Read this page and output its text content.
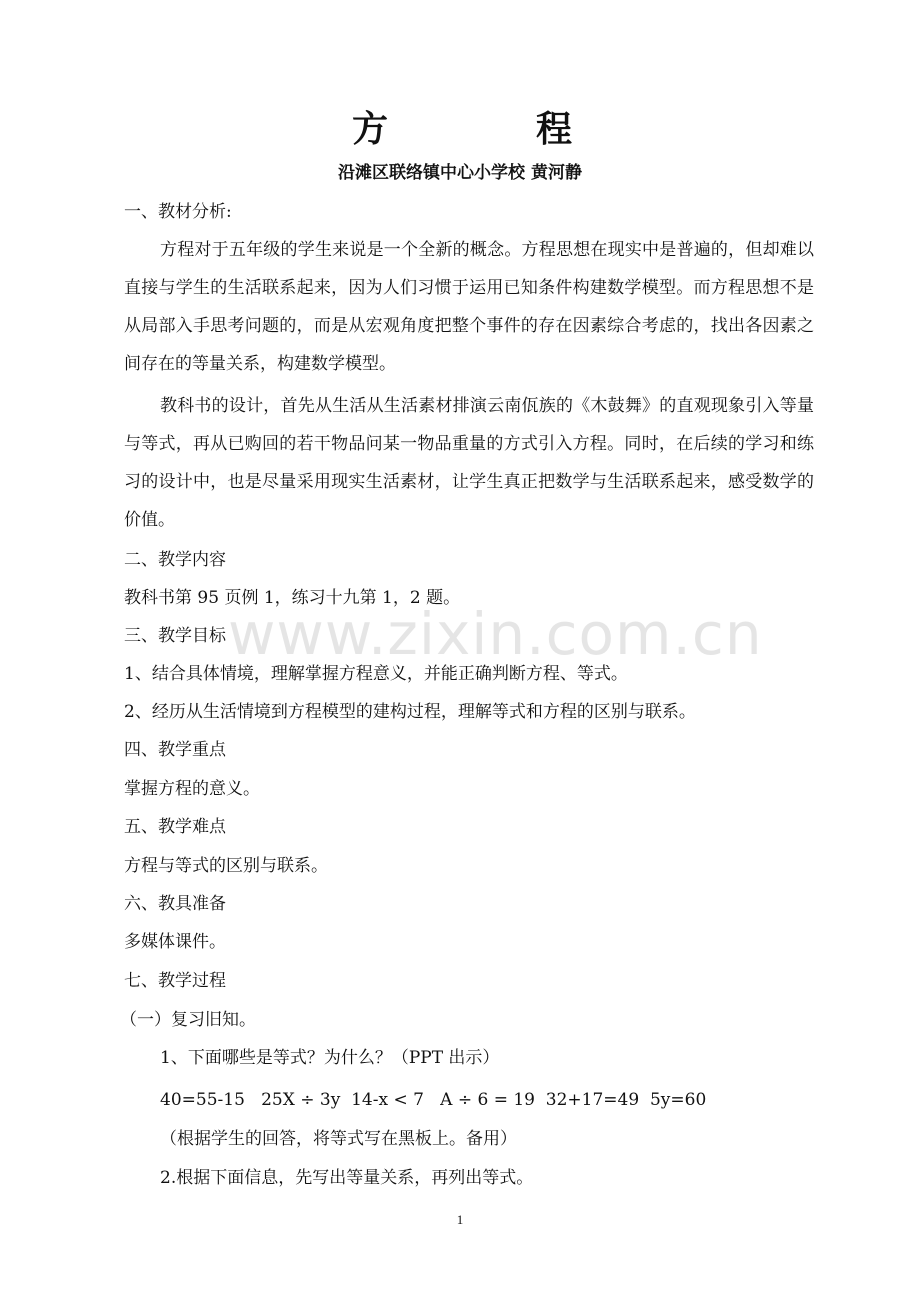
方	程
沿滩区联络镇中心小学校 黄河静
www.zixin.com.cn
一、教材分析:
方程对于五年级的学生来说是一个全新的概念。方程思想在现实中是普遍的，但却难以直接与学生的生活联系起来，因为人们习惯于运用已知条件构建数学模型。而方程思想不是从局部入手思考问题的，而是从宏观角度把整个事件的存在因素综合考虑的，找出各因素之间存在的等量关系，构建数学模型。
教科书的设计，首先从生活从生活素材排演云南佤族的《木鼓舞》的直观现象引入等量与等式，再从已购回的若干物品问某一物品重量的方式引入方程。同时，在后续的学习和练习的设计中，也是尽量采用现实生活素材，让学生真正把数学与生活联系起来，感受数学的价值。
二、教学内容
教科书第 95 页例 1，练习十九第 1，2 题。
三、教学目标
1、结合具体情境，理解掌握方程意义，并能正确判断方程、等式。
2、经历从生活情境到方程模型的建构过程，理解等式和方程的区别与联系。
四、教学重点
掌握方程的意义。
五、教学难点
方程与等式的区别与联系。
六、教具准备
多媒体课件。
七、教学过程
（一）复习旧知。
1、下面哪些是等式？为什么？（PPT 出示）
40=55-15   25X ÷ 3y  14-x < 7   A ÷ 6 = 19  32+17=49  5y=60
（根据学生的回答，将等式写在黑板上。备用）
2.根据下面信息，先写出等量关系，再列出等式。
1
